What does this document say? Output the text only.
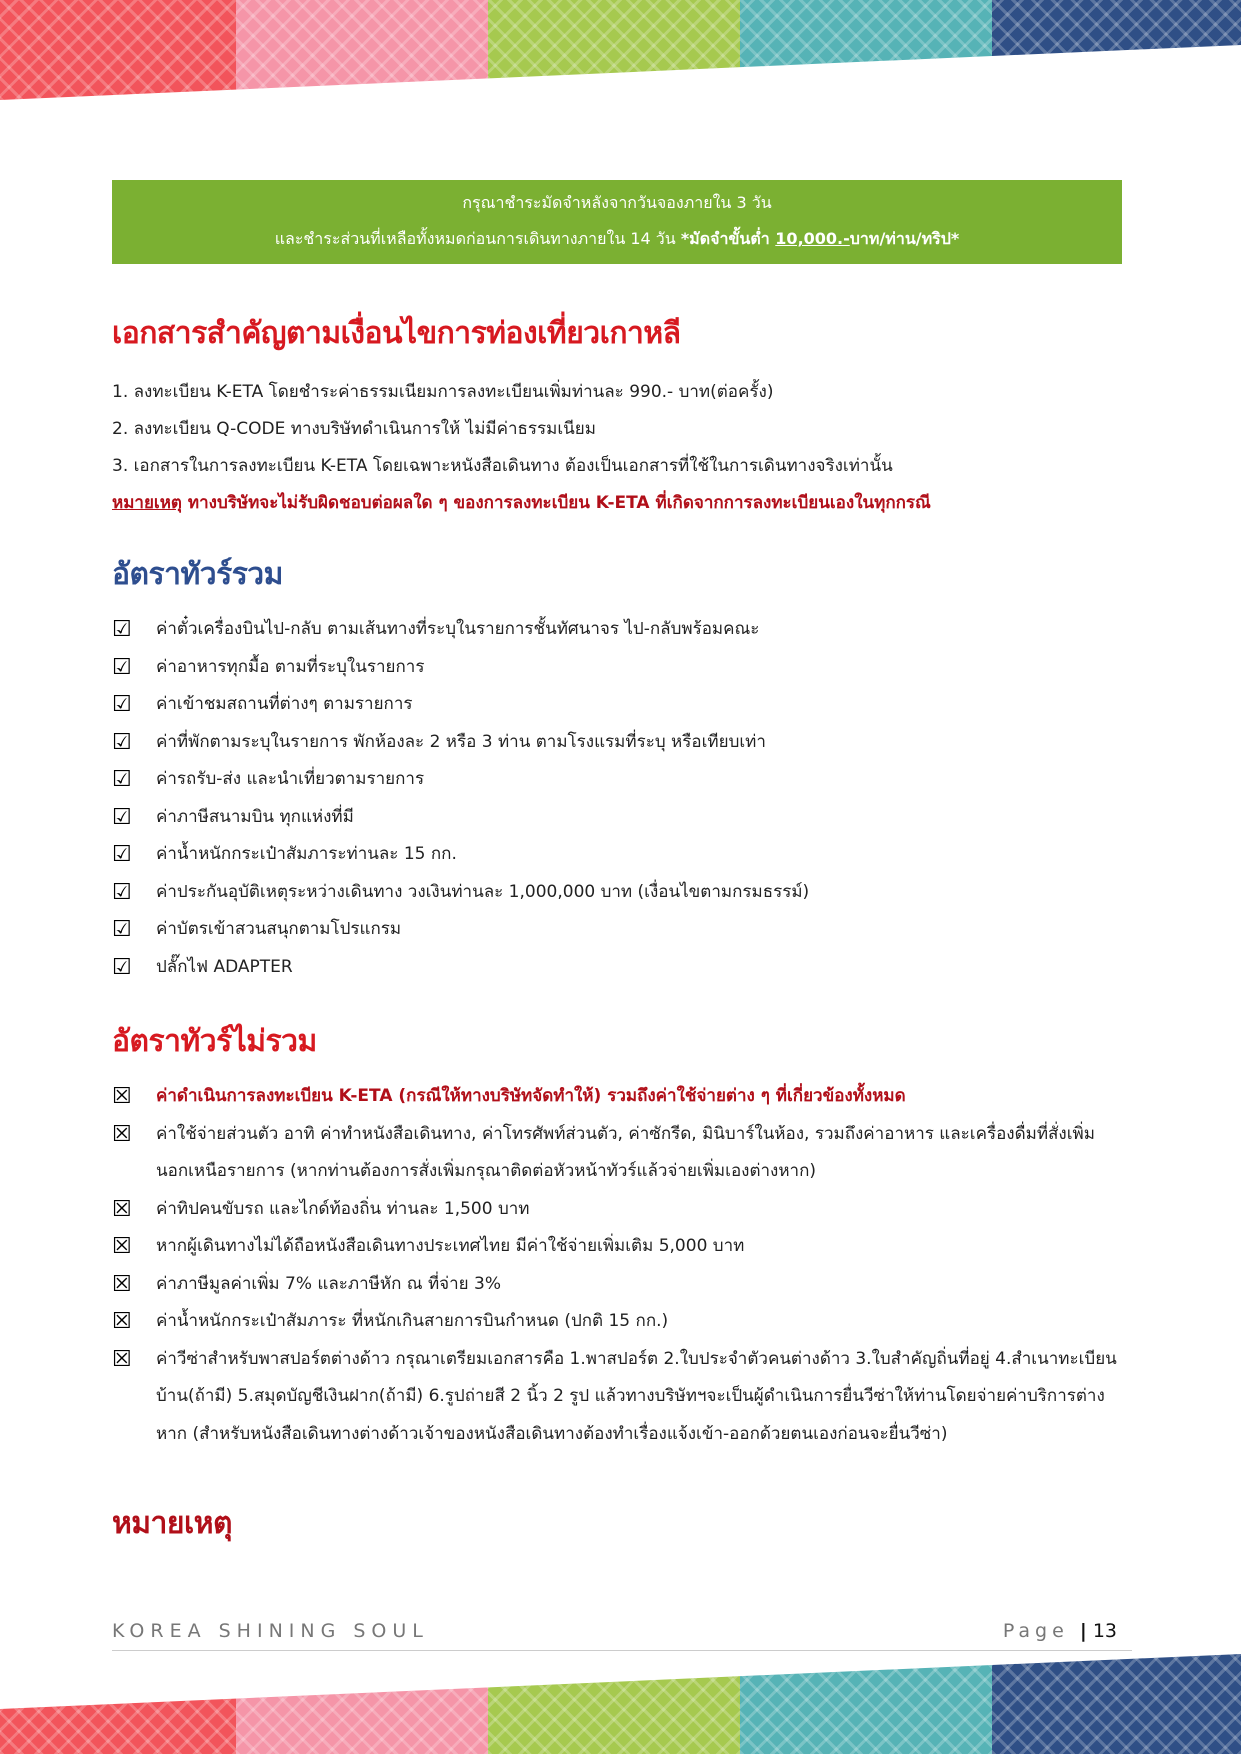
กรุณาชำระมัดจำหลังจากวันจองภายใน 3 วัน
และชำระส่วนที่เหลือทั้งหมดก่อนการเดินทางภายใน 14 วัน *มัดจำขั้นต่ำ 10,000.-บาท/ท่าน/ทริป*
เอกสารสำคัญตามเงื่อนไขการท่องเที่ยวเกาหลี
1. ลงทะเบียน K-ETA โดยชำระค่าธรรมเนียมการลงทะเบียนเพิ่มท่านละ 990.- บาท(ต่อครั้ง)
2. ลงทะเบียน Q-CODE ทางบริษัทดำเนินการให้ ไม่มีค่าธรรมเนียม
3. เอกสารในการลงทะเบียน K-ETA โดยเฉพาะหนังสือเดินทาง ต้องเป็นเอกสารที่ใช้ในการเดินทางจริงเท่านั้น
หมายเหตุ ทางบริษัทจะไม่รับผิดชอบต่อผลใด ๆ ของการลงทะเบียน K-ETA ที่เกิดจากการลงทะเบียนเองในทุกกรณี
อัตราทัวร์รวม
☑ ค่าตั๋วเครื่องบินไป-กลับ ตามเส้นทางที่ระบุในรายการชั้นทัศนาจร ไป-กลับพร้อมคณะ
☑ ค่าอาหารทุกมื้อ ตามที่ระบุในรายการ
☑ ค่าเข้าชมสถานที่ต่างๆ ตามรายการ
☑ ค่าที่พักตามระบุในรายการ พักห้องละ 2 หรือ 3 ท่าน ตามโรงแรมที่ระบุ หรือเทียบเท่า
☑ ค่ารถรับ-ส่ง และนำเที่ยวตามรายการ
☑ ค่าภาษีสนามบิน ทุกแห่งที่มี
☑ ค่าน้ำหนักกระเป๋าสัมภาระท่านละ 15 กก.
☑ ค่าประกันอุบัติเหตุระหว่างเดินทาง วงเงินท่านละ 1,000,000 บาท (เงื่อนไขตามกรมธรรม์)
☑ ค่าบัตรเข้าสวนสนุกตามโปรแกรม
☑ ปลั๊กไฟ ADAPTER
อัตราทัวร์ไม่รวม
☒ ค่าดำเนินการลงทะเบียน K-ETA (กรณีให้ทางบริษัทจัดทำให้) รวมถึงค่าใช้จ่ายต่าง ๆ ที่เกี่ยวข้องทั้งหมด
☒ ค่าใช้จ่ายส่วนตัว อาทิ ค่าทำหนังสือเดินทาง, ค่าโทรศัพท์ส่วนตัว, ค่าซักรีด, มินิบาร์ในห้อง, รวมถึงค่าอาหาร และเครื่องดื่มที่สั่งเพิ่มนอกเหนือรายการ (หากท่านต้องการสั่งเพิ่มกรุณาติดต่อหัวหน้าทัวร์แล้วจ่ายเพิ่มเองต่างหาก)
☒ ค่าทิปคนขับรถ และไกด์ท้องถิ่น ท่านละ 1,500 บาท
☒ หากผู้เดินทางไม่ได้ถือหนังสือเดินทางประเทศไทย มีค่าใช้จ่ายเพิ่มเติม 5,000 บาท
☒ ค่าภาษีมูลค่าเพิ่ม 7% และภาษีหัก ณ ที่จ่าย 3%
☒ ค่าน้ำหนักกระเป๋าสัมภาระ ที่หนักเกินสายการบินกำหนด (ปกติ 15 กก.)
☒ ค่าวีซ่าสำหรับพาสปอร์ตต่างด้าว กรุณาเตรียมเอกสารคือ 1.พาสปอร์ต 2.ใบประจำตัวคนต่างด้าว 3.ใบสำคัญถิ่นที่อยู่ 4.สำเนาทะเบียนบ้าน(ถ้ามี) 5.สมุดบัญชีเงินฝาก(ถ้ามี) 6.รูปถ่ายสี 2 นิ้ว 2 รูป แล้วทางบริษัทฯจะเป็นผู้ดำเนินการยื่นวีซ่าให้ท่านโดยจ่ายค่าบริการต่างหาก (สำหรับหนังสือเดินทางต่างด้าวเจ้าของหนังสือเดินทางต้องทำเรื่องแจ้งเข้า-ออกด้วยตนเองก่อนจะยื่นวีซ่า)
หมายเหตุ
KOREA SHINING SOUL	Page | 13
